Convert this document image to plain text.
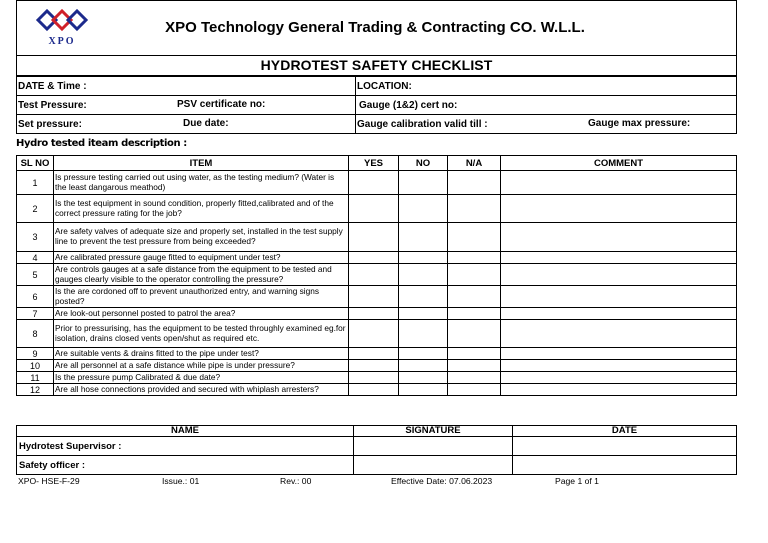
XPO
XPO Technology General Trading & Contracting CO. W.L.L.
HYDROTEST SAFETY CHECKLIST
DATE & Time :	LOCATION:
Test Pressure: PSV certificate no:	Gauge (1&2) cert no:
Set pressure: Due date:	Gauge calibration valid till : Gauge max pressure:
Hydro tested iteam description :
SL NO	ITEM	YES	NO	N/A	COMMENT
1	Is pressure testing carried out using water, as the testing medium? (Water is the least dangarous meathod)				
2	Is the test equipment in sound condition, properly fitted,calibrated and of the correct pressure rating for the job?				
3	Are safety valves of adequate size and properly set, installed in the test supply line to prevent the test pressure from being exceeded?				
4	Are calibrated pressure gauge fitted to equipment under test?				
5	Are controls gauges at a safe distance from the equipment to be tested and gauges clearly visible to the operator controlling the pressure?				
6	Is the are cordoned off to prevent unauthorized entry, and warning signs posted?				
7	Are look-out personnel posted to patrol the area?				
8	Prior to pressurising, has the equipment to be tested throughly examined eg.for isolation, drains closed vents open/shut as required etc.				
9	Are suitable vents & drains fitted to the pipe under test?				
10	Are all personnel at a safe distance while pipe is under pressure?				
11	Is the pressure pump Calibrated & due date?				
12	Are all hose connections provided and secured with whiplash arresters?				
NAME	SIGNATURE	DATE
Hydrotest Supervisor :		
Safety officer :		
XPO- HSE-F-29	Issue.: 01	Rev.: 00	Effective Date: 07.06.2023	Page 1 of 1
